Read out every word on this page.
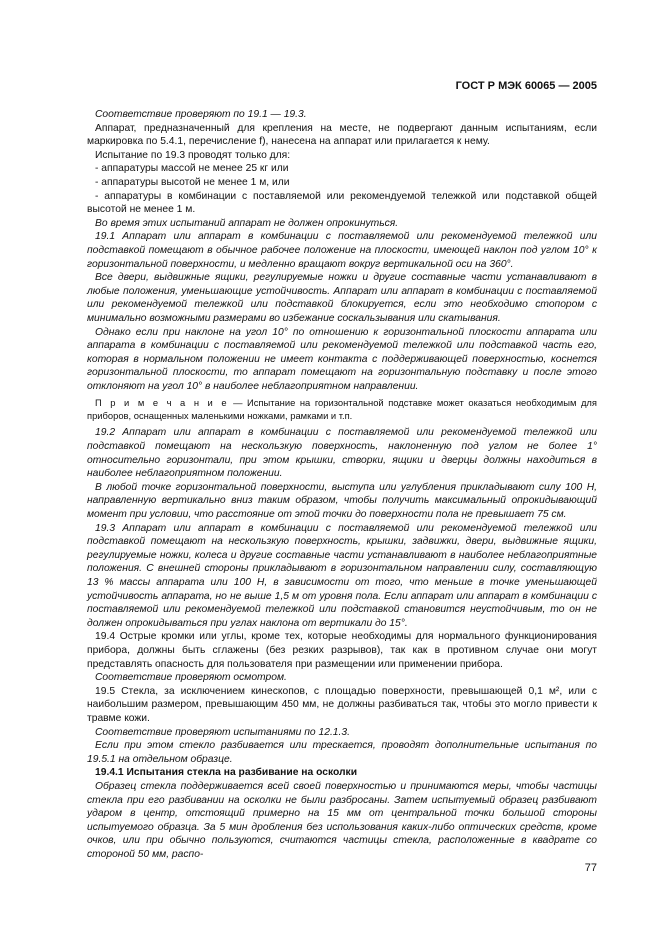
ГОСТ Р МЭК 60065 — 2005

Соответствие проверяют по 19.1 — 19.3.

Аппарат, предназначенный для крепления на месте, не подвергают данным испытаниям, если маркировка по 5.4.1, перечисление f), нанесена на аппарат или прилагается к нему.

Испытание по 19.3 проводят только для:

- аппаратуры массой не менее 25 кг или

- аппаратуры высотой не менее 1 м, или

- аппаратуры в комбинации с поставляемой или рекомендуемой тележкой или подставкой общей высотой не менее 1 м.

Во время этих испытаний аппарат не должен опрокинуться.

19.1 Аппарат или аппарат в комбинации с поставляемой или рекомендуемой тележкой или подставкой помещают в обычное рабочее положение на плоскости, имеющей наклон под углом 10° к горизонтальной поверхности, и медленно вращают вокруг вертикальной оси на 360°.

Все двери, выдвижные ящики, регулируемые ножки и другие составные части устанавливают в любые положения, уменьшающие устойчивость. Аппарат или аппарат в комбинации с поставляемой или рекомендуемой тележкой или подставкой блокируется, если это необходимо стопором с минимально возможными размерами во избежание соскальзывания или скатывания.

Однако если при наклоне на угол 10° по отношению к горизонтальной плоскости аппарата или аппарата в комбинации с поставляемой или рекомендуемой тележкой или подставкой часть его, которая в нормальном положении не имеет контакта с поддерживающей поверхностью, коснется горизонтальной плоскости, то аппарат помещают на горизонтальную подставку и после этого отклоняют на угол 10° в наиболее неблагоприятном направлении.

П р и м е ч а н и е — Испытание на горизонтальной подставке может оказаться необходимым для приборов, оснащенных маленькими ножками, рамками и т.п.

19.2 Аппарат или аппарат в комбинации с поставляемой или рекомендуемой тележкой или подставкой помещают на нескользкую поверхность, наклоненную под углом не более 1° относительно горизонтали, при этом крышки, створки, ящики и дверцы должны находиться в наиболее неблагоприятном положении.

В любой точке горизонтальной поверхности, выступа или углубления прикладывают силу 100 Н, направленную вертикально вниз таким образом, чтобы получить максимальный опрокидывающий момент при условии, что расстояние от этой точки до поверхности пола не превышает 75 см.

19.3 Аппарат или аппарат в комбинации с поставляемой или рекомендуемой тележкой или подставкой помещают на нескользкую поверхность, крышки, задвижки, двери, выдвижные ящики, регулируемые ножки, колеса и другие составные части устанавливают в наиболее неблагоприятные положения. С внешней стороны прикладывают в горизонтальном направлении силу, составляющую 13 % массы аппарата или 100 Н, в зависимости от того, что меньше в точке уменьшающей устойчивость аппарата, но не выше 1,5 м от уровня пола. Если аппарат или аппарат в комбинации с поставляемой или рекомендуемой тележкой или подставкой становится неустойчивым, то он не должен опрокидываться при углах наклона от вертикали до 15°.

19.4 Острые кромки или углы, кроме тех, которые необходимы для нормального функционирования прибора, должны быть сглажены (без резких разрывов), так как в противном случае они могут представлять опасность для пользователя при размещении или применении прибора.

Соответствие проверяют осмотром.

19.5 Стекла, за исключением кинескопов, с площадью поверхности, превышающей 0,1 м², или с наибольшим размером, превышающим 450 мм, не должны разбиваться так, чтобы это могло привести к травме кожи.

Соответствие проверяют испытаниями по 12.1.3.

Если при этом стекло разбивается или трескается, проводят дополнительные испытания по 19.5.1 на отдельном образце.

19.4.1 Испытания стекла на разбивание на осколки

Образец стекла поддерживается всей своей поверхностью и принимаются меры, чтобы частицы стекла при его разбивании на осколки не были разбросаны. Затем испытуемый образец разбивают ударом в центр, отстоящий примерно на 15 мм от центральной точки большой стороны испытуемого образца. За 5 мин дробления без использования каких-либо оптических средств, кроме очков, или при обычно пользуются, считаются частицы стекла, расположенные в квадрате со стороной 50 мм, распо-

77
